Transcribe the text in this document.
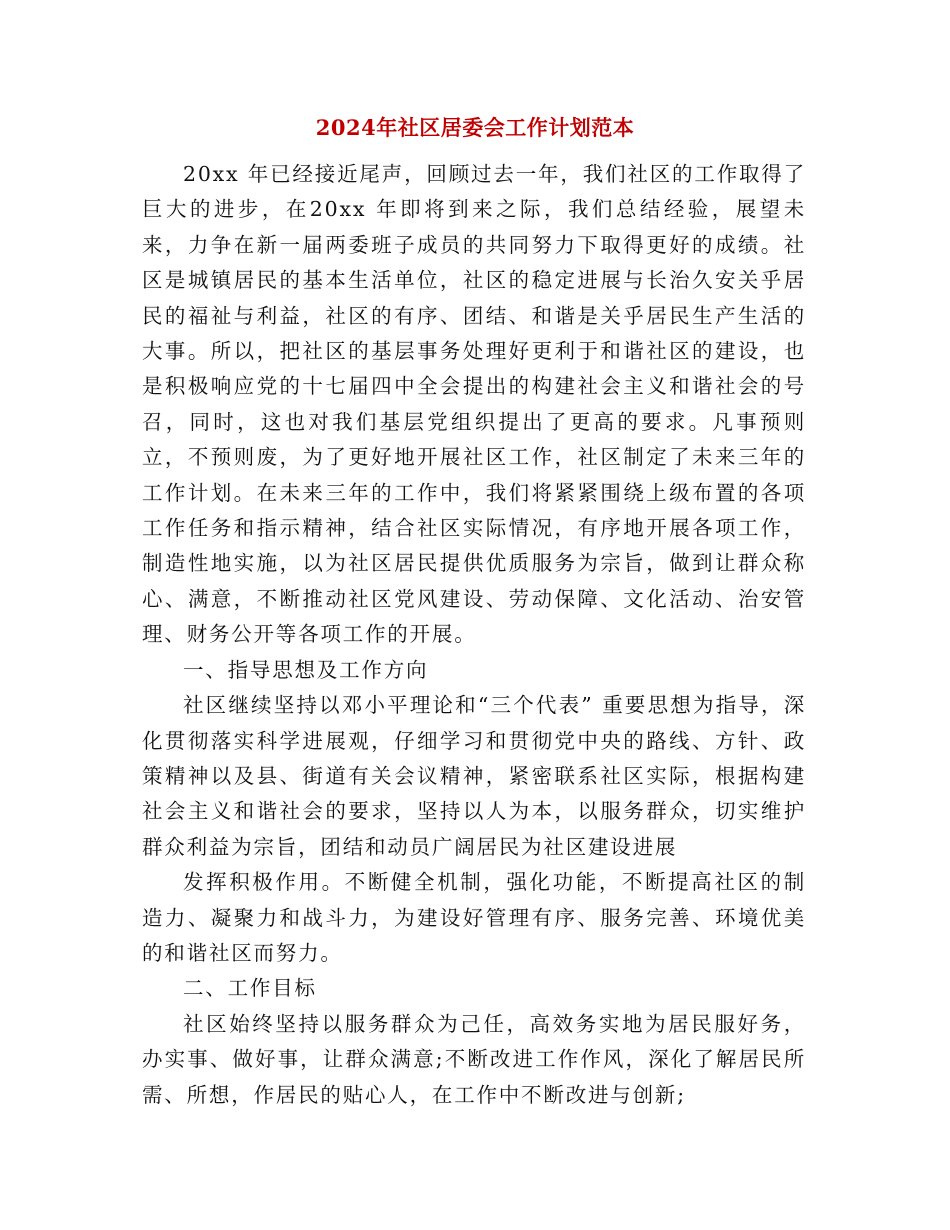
2024年社区居委会工作计划范本

20xx 年已经接近尾声，回顾过去一年，我们社区的工作取得了巨大的进步，在20xx 年即将到来之际，我们总结经验，展望未来，力争在新一届两委班子成员的共同努力下取得更好的成绩。社区是城镇居民的基本生活单位，社区的稳定进展与长治久安关乎居民的福祉与利益，社区的有序、团结、和谐是关乎居民生产生活的大事。所以，把社区的基层事务处理好更利于和谐社区的建设，也是积极响应党的十七届四中全会提出的构建社会主义和谐社会的号召，同时，这也对我们基层党组织提出了更高的要求。凡事预则立，不预则废，为了更好地开展社区工作，社区制定了未来三年的工作计划。在未来三年的工作中，我们将紧紧围绕上级布置的各项工作任务和指示精神，结合社区实际情况，有序地开展各项工作，制造性地实施，以为社区居民提供优质服务为宗旨，做到让群众称心、满意，不断推动社区党风建设、劳动保障、文化活动、治安管理、财务公开等各项工作的开展。

一、指导思想及工作方向

社区继续坚持以邓小平理论和“三个代表” 重要思想为指导，深化贯彻落实科学进展观，仔细学习和贯彻党中央的路线、方针、政策精神以及县、街道有关会议精神，紧密联系社区实际，根据构建社会主义和谐社会的要求，坚持以人为本，以服务群众，切实维护群众利益为宗旨，团结和动员广阔居民为社区建设进展

发挥积极作用。不断健全机制，强化功能，不断提高社区的制造力、凝聚力和战斗力，为建设好管理有序、服务完善、环境优美的和谐社区而努力。

二、工作目标

社区始终坚持以服务群众为己任，高效务实地为居民服好务，办实事、做好事，让群众满意;不断改进工作作风，深化了解居民所需、所想，作居民的贴心人，在工作中不断改进与创新;
